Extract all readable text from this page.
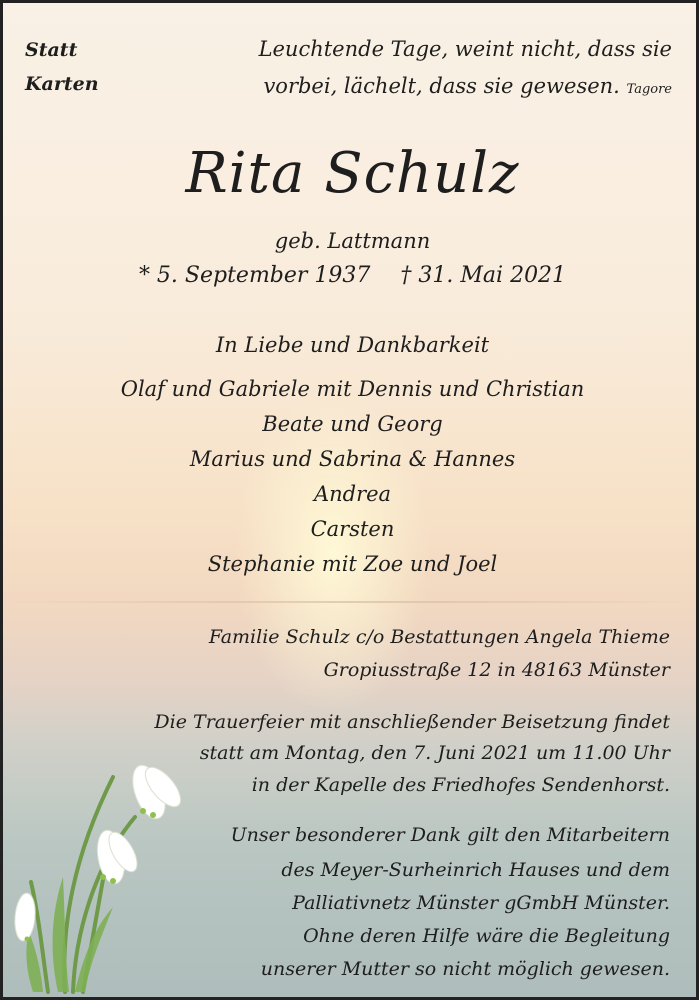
Statt
Karten
Leuchtende Tage, weint nicht, dass sie
vorbei, lächelt, dass sie gewesen. Tagore
Rita Schulz
geb. Lattmann
* 5. September 1937 † 31. Mai 2021
In Liebe und Dankbarkeit
Olaf und Gabriele mit Dennis und Christian
Beate und Georg
Marius und Sabrina & Hannes
Andrea
Carsten
Stephanie mit Zoe und Joel
Familie Schulz c/o Bestattungen Angela Thieme
Gropiusstraße 12 in 48163 Münster
Die Trauerfeier mit anschließender Beisetzung findet
statt am Montag, den 7. Juni 2021 um 11.00 Uhr
in der Kapelle des Friedhofes Sendenhorst.
Unser besonderer Dank gilt den Mitarbeitern
des Meyer-Surheinrich Hauses und dem
Palliativnetz Münster gGmbH Münster.
Ohne deren Hilfe wäre die Begleitung
unserer Mutter so nicht möglich gewesen.
